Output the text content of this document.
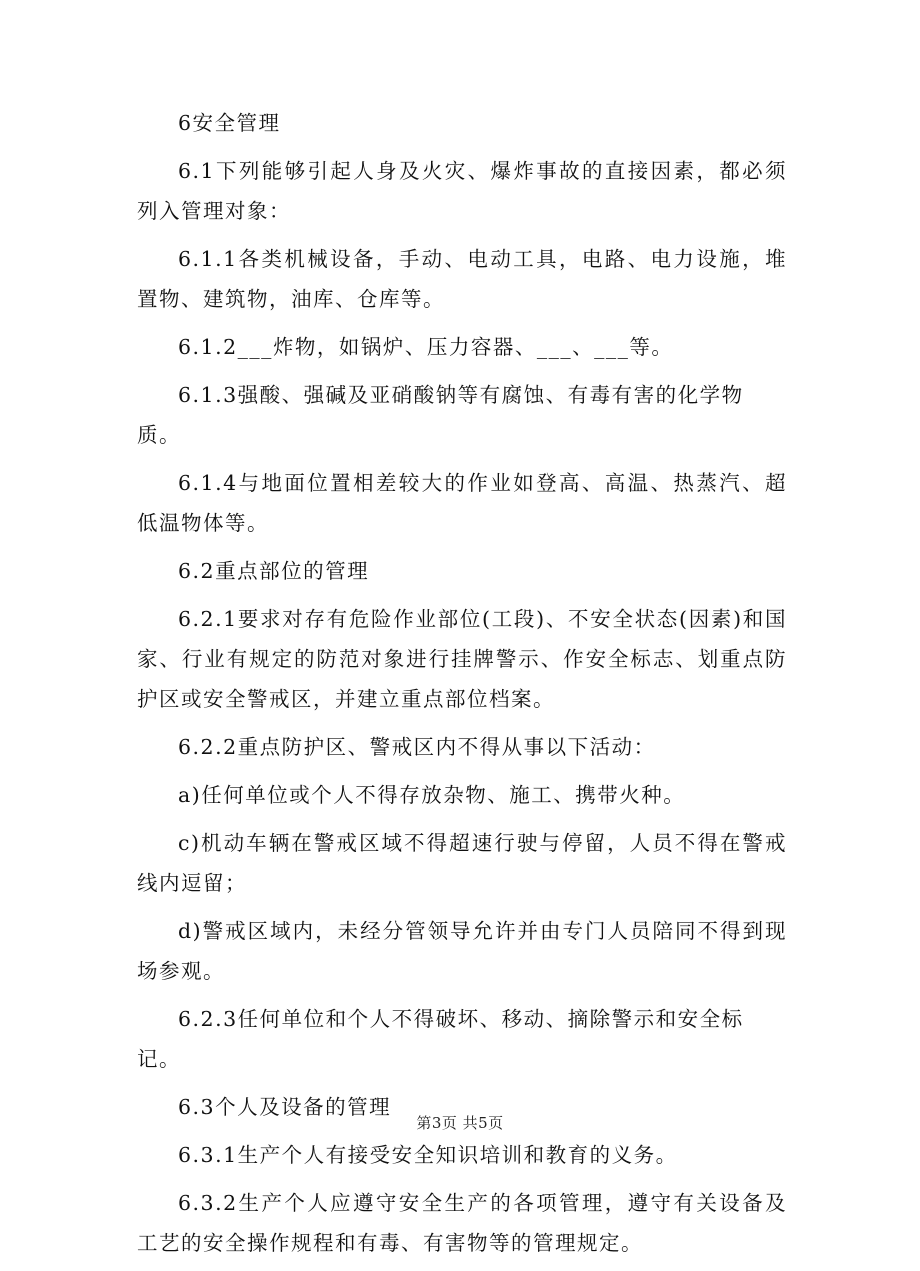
6安全管理

6.1下列能够引起人身及火灾、爆炸事故的直接因素，都必须列入管理对象：

6.1.1各类机械设备，手动、电动工具，电路、电力设施，堆置物、建筑物，油库、仓库等。

6.1.2___炸物，如锅炉、压力容器、___、___等。

6.1.3强酸、强碱及亚硝酸钠等有腐蚀、有毒有害的化学物质。

6.1.4与地面位置相差较大的作业如登高、高温、热蒸汽、超低温物体等。

6.2重点部位的管理

6.2.1要求对存有危险作业部位(工段)、不安全状态(因素)和国家、行业有规定的防范对象进行挂牌警示、作安全标志、划重点防护区或安全警戒区，并建立重点部位档案。

6.2.2重点防护区、警戒区内不得从事以下活动：

a)任何单位或个人不得存放杂物、施工、携带火种。

c)机动车辆在警戒区域不得超速行驶与停留，人员不得在警戒线内逗留；

d)警戒区域内，未经分管领导允许并由专门人员陪同不得到现场参观。

6.2.3任何单位和个人不得破坏、移动、摘除警示和安全标记。

6.3个人及设备的管理

6.3.1生产个人有接受安全知识培训和教育的义务。

6.3.2生产个人应遵守安全生产的各项管理，遵守有关设备及工艺的安全操作规程和有毒、有害物等的管理规定。

第3页 共5页
